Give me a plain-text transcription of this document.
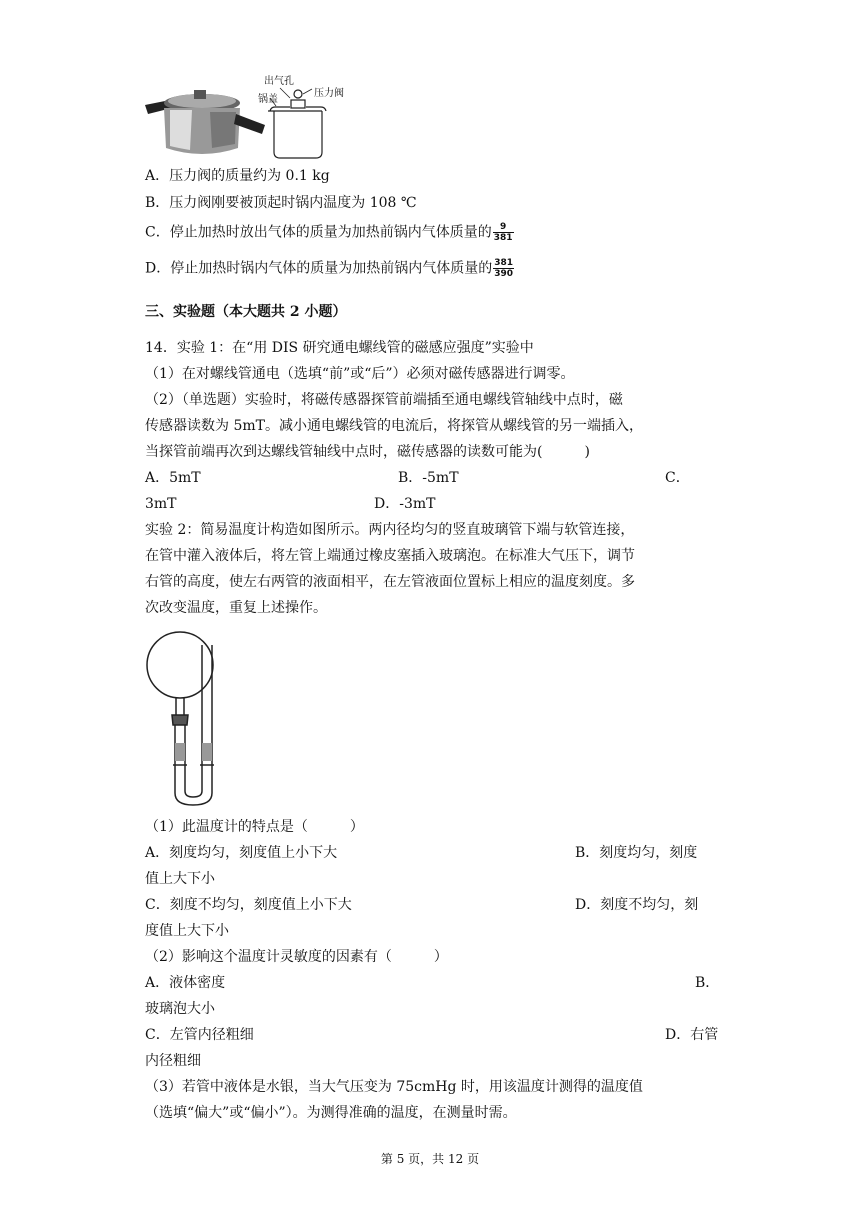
出气孔
压力阀
锅盖
A．压力阀的质量约为 0.1 kg
B．压力阀刚要被顶起时锅内温度为 108 ℃
C．停止加热时放出气体的质量为加热前锅内气体质量的 $\frac{9}{381}$
D．停止加热时锅内气体的质量为加热前锅内气体质量的 $\frac{381}{390}$
三、实验题（本大题共 2 小题）
14．实验 1：在“用 DIS 研究通电螺线管的磁感应强度”实验中
（1）在对螺线管通电（选填“前”或“后”）必须对磁传感器进行调零。
（2）（单选题）实验时，将磁传感器探管前端插至通电螺线管轴线中点时，磁
传感器读数为 5mT。减小通电螺线管的电流后，将探管从螺线管的另一端插入，
当探管前端再次到达螺线管轴线中点时，磁传感器的读数可能为(　　　)
A．5mT	B．-5mT	C．
3mT	D．-3mT
实验 2：简易温度计构造如图所示。两内径均匀的竖直玻璃管下端与软管连接，
在管中灌入液体后，将左管上端通过橡皮塞插入玻璃泡。在标准大气压下，调节
右管的高度，使左右两管的液面相平，在左管液面位置标上相应的温度刻度。多
次改变温度，重复上述操作。
（1）此温度计的特点是（　　　）
A．刻度均匀，刻度值上小下大	B．刻度均匀，刻度
值上大下小
C．刻度不均匀，刻度值上小下大	D．刻度不均匀，刻
度值上大下小
（2）影响这个温度计灵敏度的因素有（　　　）
A．液体密度	B．
玻璃泡大小
C．左管内径粗细	D．右管
内径粗细
（3）若管中液体是水银，当大气压变为 75cmHg 时，用该温度计测得的温度值
（选填“偏大”或“偏小”）。为测得准确的温度，在测量时需。
第 5 页，共 12 页
